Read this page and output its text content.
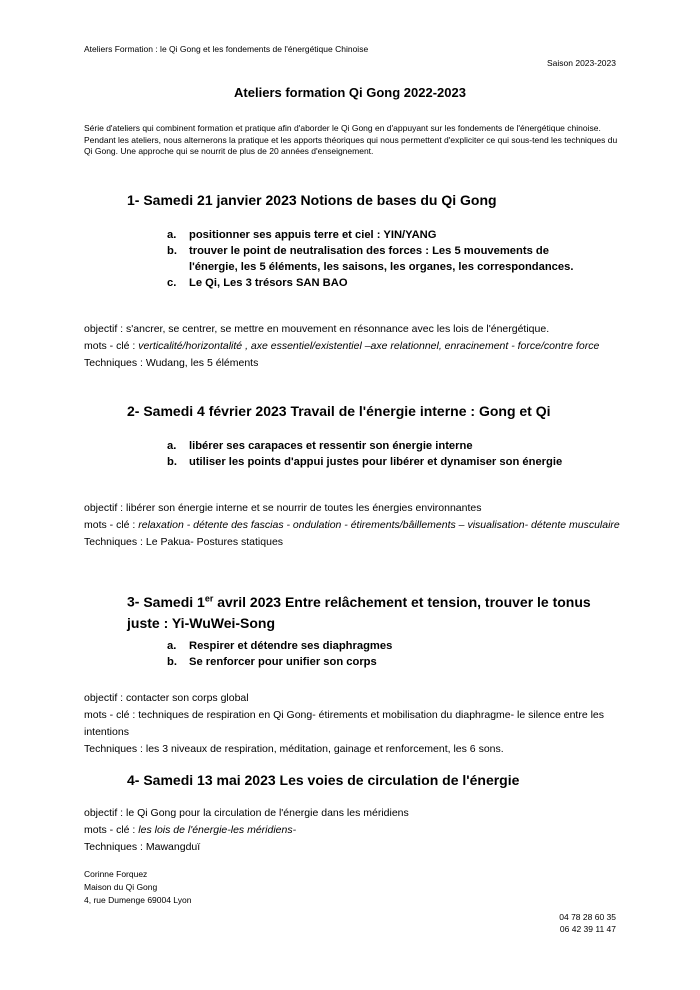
Ateliers Formation : le Qi Gong et les fondements de l'énergétique Chinoise
Saison 2023-2023
Ateliers formation Qi Gong 2022-2023
Série d'ateliers qui combinent formation et pratique afin d'aborder le Qi Gong en d'appuyant sur les fondements de l'énergétique chinoise. Pendant les ateliers, nous alternerons la pratique et les apports théoriques qui nous permettent d'expliciter ce qui sous-tend les techniques du Qi Gong. Une approche qui se nourrit de plus de 20 années d'enseignement.
1- Samedi 21 janvier 2023 Notions de bases du Qi Gong
a. positionner ses appuis terre et ciel : YIN/YANG
b. trouver le point de neutralisation des forces : Les 5 mouvements de l'énergie, les 5 éléments, les saisons, les organes, les correspondances.
c. Le Qi, Les 3 trésors SAN BAO
objectif : s'ancrer, se centrer, se mettre en mouvement en résonnance avec les lois de l'énergétique.
mots - clé : verticalité/horizontalité , axe essentiel/existentiel –axe relationnel, enracinement - force/contre force
Techniques : Wudang, les 5 éléments
2- Samedi 4 février 2023 Travail de l'énergie interne : Gong et Qi
a. libérer ses carapaces et ressentir son énergie interne
b. utiliser les points d'appui justes pour libérer et dynamiser son énergie
objectif : libérer son énergie interne et se nourrir de toutes les énergies environnantes
mots - clé : relaxation - détente des fascias - ondulation - étirements/bâillements – visualisation- détente musculaire
Techniques : Le Pakua- Postures statiques
3- Samedi 1er avril 2023 Entre relâchement et tension, trouver le tonus juste : Yi-WuWei-Song
a. Respirer et détendre ses diaphragmes
b. Se renforcer pour unifier son corps
objectif : contacter son corps global
mots - clé : techniques de respiration en Qi Gong- étirements et mobilisation du diaphragme- le silence entre les intentions
Techniques : les 3 niveaux de respiration, méditation, gainage et renforcement, les 6 sons.
4- Samedi 13 mai 2023 Les voies de circulation de l'énergie
objectif : le Qi Gong pour la circulation de l'énergie dans les méridiens
mots - clé : les lois de l'énergie-les méridiens-
Techniques : Mawangduï
Corinne Forquez
Maison du Qi Gong
4, rue Dumenge 69004 Lyon
04 78 28 60 35
06 42 39 11 47
